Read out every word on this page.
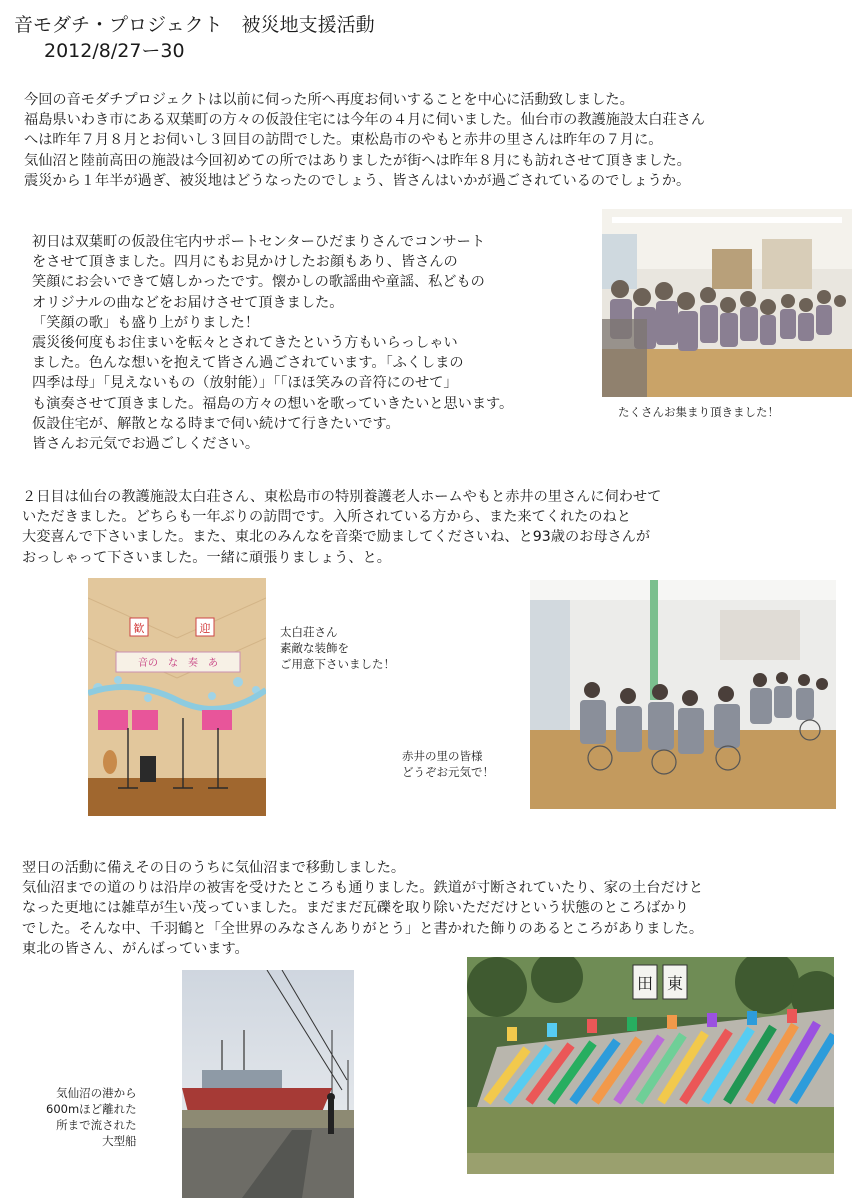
音モダチ・プロジェクト　被災地支援活動
2012/8/27ー30
今回の音モダチプロジェクトは以前に伺った所へ再度お伺いすることを中心に活動致しました。
福島県いわき市にある双葉町の方々の仮設住宅には今年の４月に伺いました。仙台市の教護施設太白荘さん
へは昨年７月８月とお伺いし３回目の訪問でした。東松島市のやもと赤井の里さんは昨年の７月に。
気仙沼と陸前高田の施設は今回初めての所ではありましたが街へは昨年８月にも訪れさせて頂きました。
震災から１年半が過ぎ、被災地はどうなったのでしょう、皆さんはいかが過ごされているのでしょうか。
初日は双葉町の仮設住宅内サポートセンターひだまりさんでコンサート
をさせて頂きました。四月にもお見かけしたお顔もあり、皆さんの
笑顔にお会いできて嬉しかったです。懐かしの歌謡曲や童謡、私どもの
オリジナルの曲などをお届けさせて頂きました。
「笑顔の歌」も盛り上がりました！
震災後何度もお住まいを転々とされてきたという方もいらっしゃい
ました。色んな想いを抱えて皆さん過ごされています。「ふくしまの
四季は母」「見えないもの（放射能）」「「ほほ笑みの音符にのせて」
も演奏させて頂きました。福島の方々の想いを歌っていきたいと思います。
仮設住宅が、解散となる時まで伺い続けて行きたいです。
皆さんお元気でお過ごしください。
たくさんお集まり頂きました！
２日目は仙台の教護施設太白荘さん、東松島市の特別養護老人ホームやもと赤井の里さんに伺わせて
いただきました。どちらも一年ぶりの訪問です。入所されている方から、また来てくれたのねと
大変喜んで下さいました。また、東北のみんなを音楽で励ましてくださいね、と93歳のお母さんが
おっしゃって下さいました。一緒に頑張りましょう、と。
歓	迎
音の　な　奏　あ
太白荘さん
素敵な装飾を
ご用意下さいました！
赤井の里の皆様
どうぞお元気で！
翌日の活動に備えその日のうちに気仙沼まで移動しました。
気仙沼までの道のりは沿岸の被害を受けたところも通りました。鉄道が寸断されていたり、家の土台だけと
なった更地には雑草が生い茂っていました。まだまだ瓦礫を取り除いただだけという状態のところばかり
でした。そんな中、千羽鶴と「全世界のみなさんありがとう」と書かれた飾りのあるところがありました。
東北の皆さん、がんばっています。
気仙沼の港から
600mほど離れた
所まで流された
大型船
田 東
